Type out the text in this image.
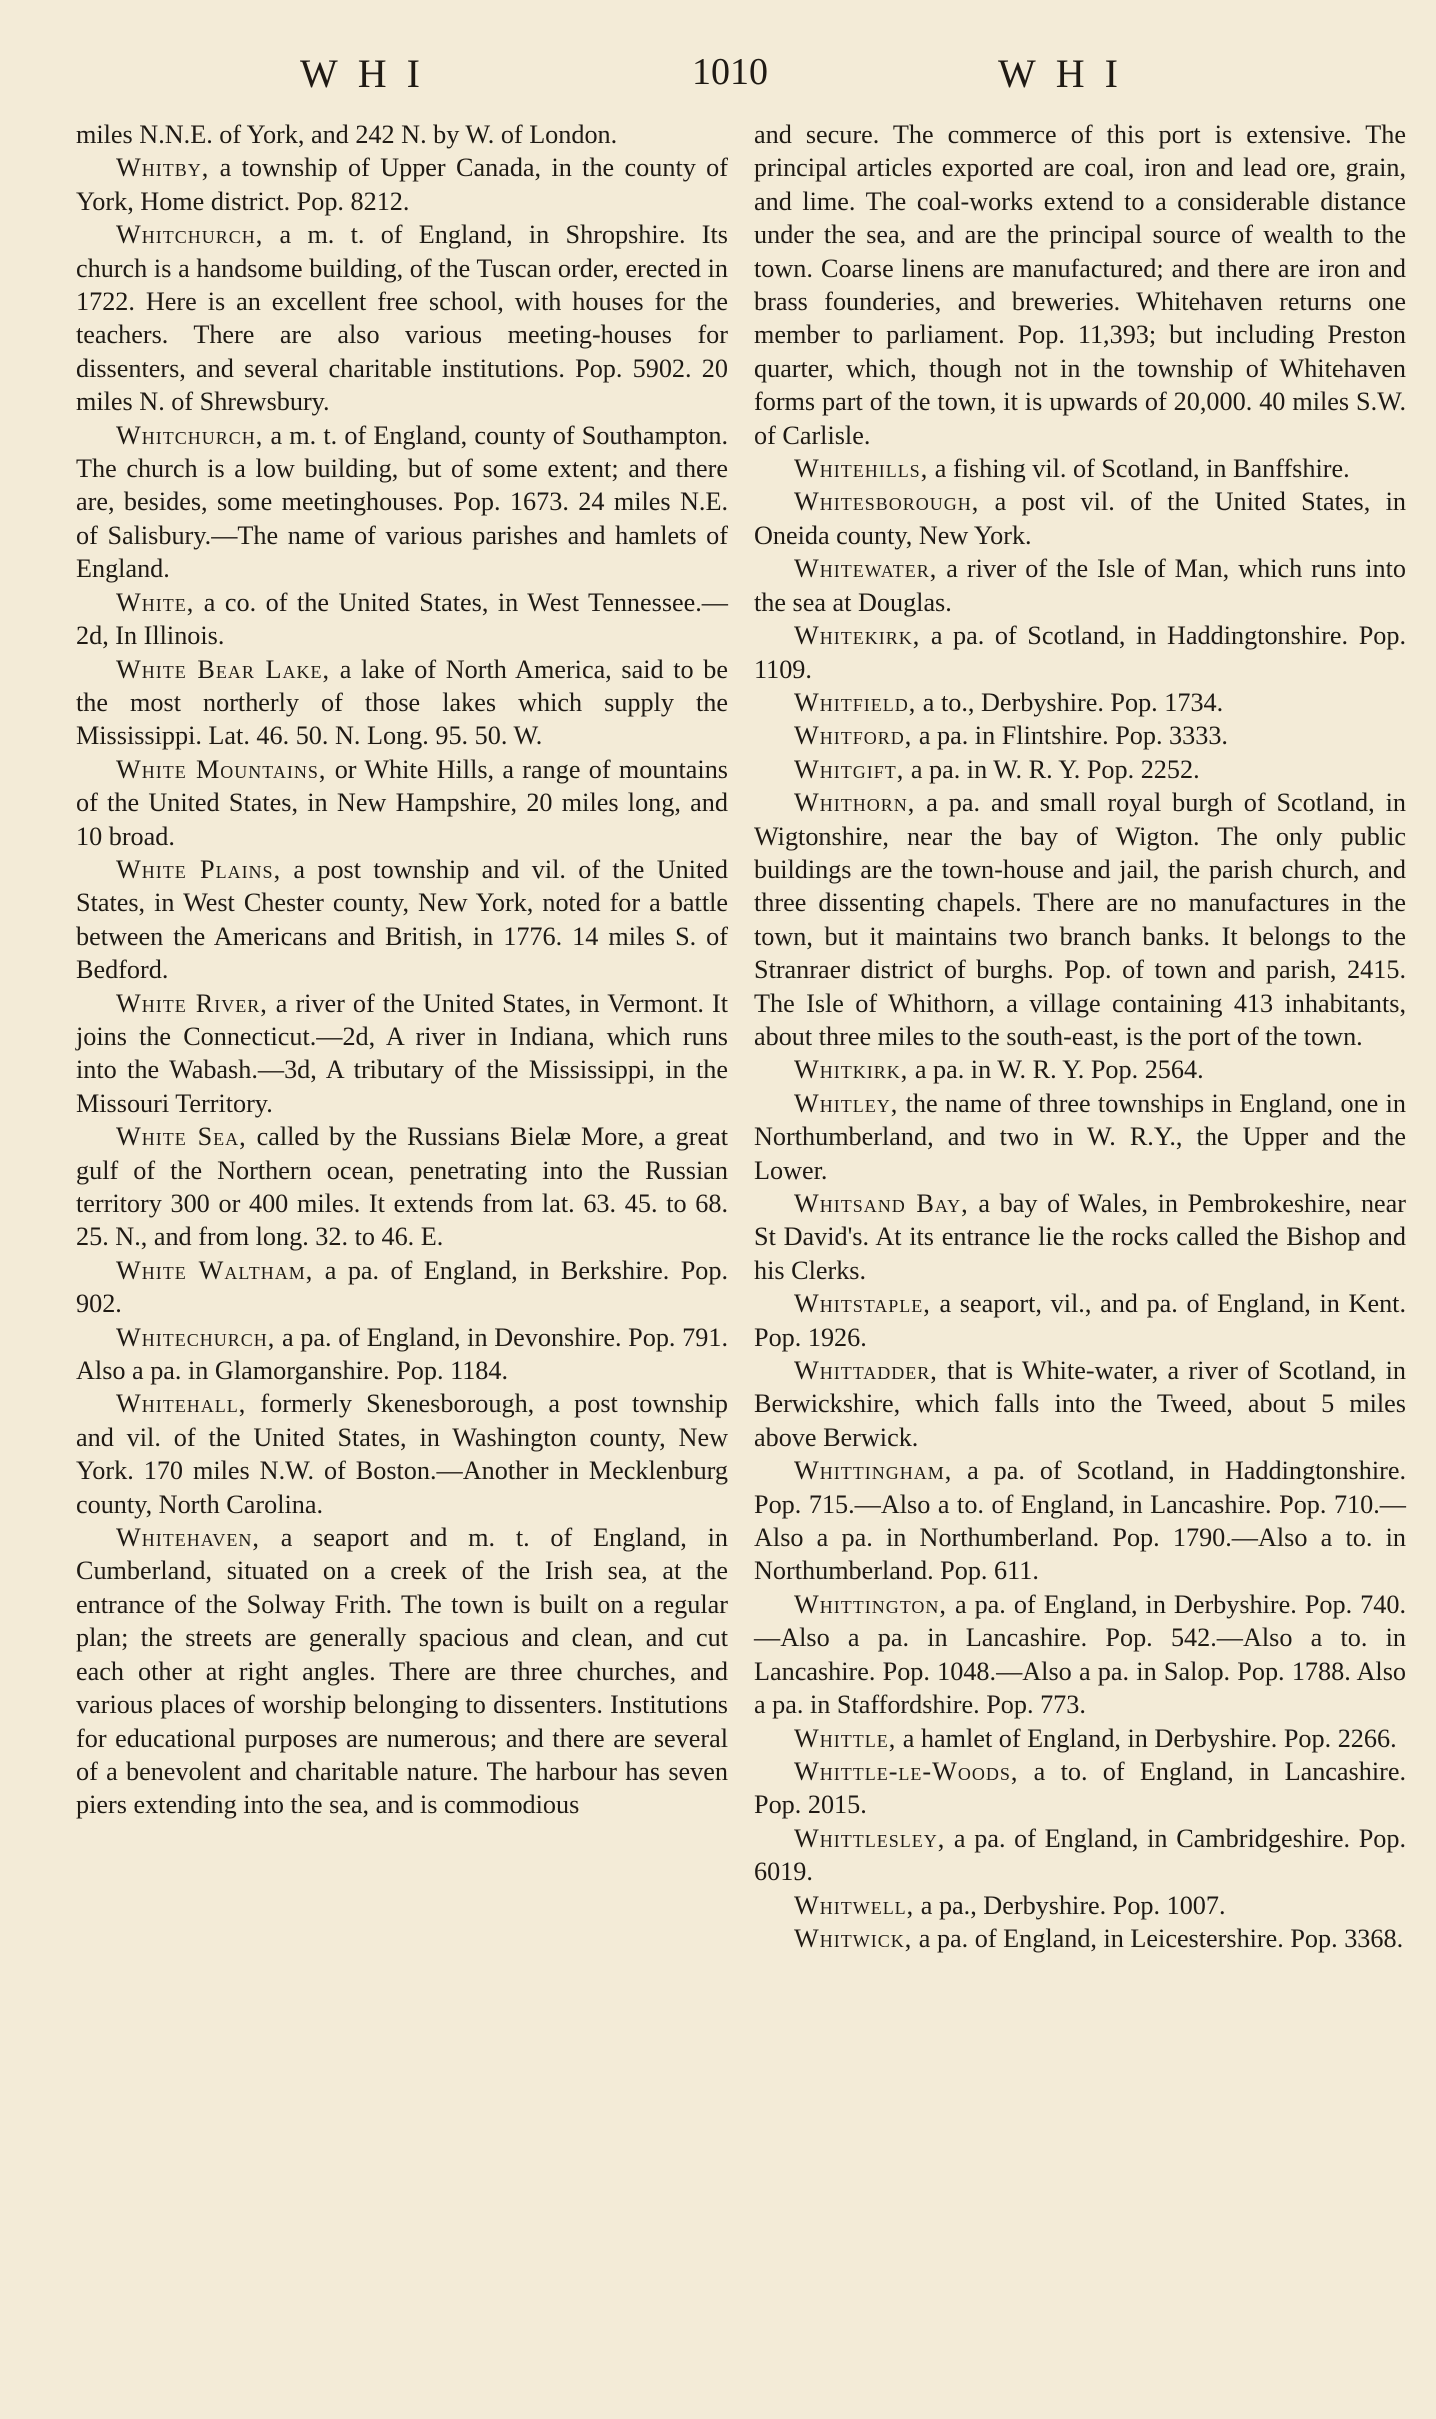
WHI	1010	WHI

miles N.N.E. of York, and 242 N. by W. of London.

Whitby, a township of Upper Canada, in the county of York, Home district. Pop. 8212.

Whitchurch, a m. t. of England, in Shropshire. Its church is a handsome building, of the Tuscan order, erected in 1722. Here is an excellent free school, with houses for the teachers. There are also various meeting-houses for dissenters, and several charitable institutions. Pop. 5902. 20 miles N. of Shrewsbury.

Whitchurch, a m. t. of England, county of Southampton. The church is a low building, but of some extent; and there are, besides, some meetinghouses. Pop. 1673. 24 miles N.E. of Salisbury.—The name of various parishes and hamlets of England.

White, a co. of the United States, in West Tennessee.—2d, In Illinois.

White Bear Lake, a lake of North America, said to be the most northerly of those lakes which supply the Mississippi. Lat. 46. 50. N. Long. 95. 50. W.

White Mountains, or White Hills, a range of mountains of the United States, in New Hampshire, 20 miles long, and 10 broad.

White Plains, a post township and vil. of the United States, in West Chester county, New York, noted for a battle between the Americans and British, in 1776. 14 miles S. of Bedford.

White River, a river of the United States, in Vermont. It joins the Connecticut.—2d, A river in Indiana, which runs into the Wabash.—3d, A tributary of the Mississippi, in the Missouri Territory.

White Sea, called by the Russians Bielæ More, a great gulf of the Northern ocean, penetrating into the Russian territory 300 or 400 miles. It extends from lat. 63. 45. to 68. 25. N., and from long. 32. to 46. E.

White Waltham, a pa. of England, in Berkshire. Pop. 902.

Whitechurch, a pa. of England, in Devonshire. Pop. 791. Also a pa. in Glamorganshire. Pop. 1184.

Whitehall, formerly Skenesborough, a post township and vil. of the United States, in Washington county, New York. 170 miles N.W. of Boston.—Another in Mecklenburg county, North Carolina.

Whitehaven, a seaport and m. t. of England, in Cumberland, situated on a creek of the Irish sea, at the entrance of the Solway Frith. The town is built on a regular plan; the streets are generally spacious and clean, and cut each other at right angles. There are three churches, and various places of worship belonging to dissenters. Institutions for educational purposes are numerous; and there are several of a benevolent and charitable nature. The harbour has seven piers extending into the sea, and is commodious

and secure. The commerce of this port is extensive. The principal articles exported are coal, iron and lead ore, grain, and lime. The coal-works extend to a considerable distance under the sea, and are the principal source of wealth to the town. Coarse linens are manufactured; and there are iron and brass founderies, and breweries. Whitehaven returns one member to parliament. Pop. 11,393; but including Preston quarter, which, though not in the township of Whitehaven forms part of the town, it is upwards of 20,000. 40 miles S.W. of Carlisle.

Whitehills, a fishing vil. of Scotland, in Banffshire.

Whitesborough, a post vil. of the United States, in Oneida county, New York.

Whitewater, a river of the Isle of Man, which runs into the sea at Douglas.

Whitekirk, a pa. of Scotland, in Haddingtonshire. Pop. 1109.

Whitfield, a to., Derbyshire. Pop. 1734.

Whitford, a pa. in Flintshire. Pop. 3333.

Whitgift, a pa. in W. R. Y. Pop. 2252.

Whithorn, a pa. and small royal burgh of Scotland, in Wigtonshire, near the bay of Wigton. The only public buildings are the town-house and jail, the parish church, and three dissenting chapels. There are no manufactures in the town, but it maintains two branch banks. It belongs to the Stranraer district of burghs. Pop. of town and parish, 2415. The Isle of Whithorn, a village containing 413 inhabitants, about three miles to the south-east, is the port of the town.

Whitkirk, a pa. in W. R. Y. Pop. 2564.

Whitley, the name of three townships in England, one in Northumberland, and two in W. R.Y., the Upper and the Lower.

Whitsand Bay, a bay of Wales, in Pembrokeshire, near St David's. At its entrance lie the rocks called the Bishop and his Clerks.

Whitstaple, a seaport, vil., and pa. of England, in Kent. Pop. 1926.

Whittadder, that is White-water, a river of Scotland, in Berwickshire, which falls into the Tweed, about 5 miles above Berwick.

Whittingham, a pa. of Scotland, in Haddingtonshire. Pop. 715.—Also a to. of England, in Lancashire. Pop. 710.—Also a pa. in Northumberland. Pop. 1790.—Also a to. in Northumberland. Pop. 611.

Whittington, a pa. of England, in Derbyshire. Pop. 740.—Also a pa. in Lancashire. Pop. 542.—Also a to. in Lancashire. Pop. 1048.—Also a pa. in Salop. Pop. 1788. Also a pa. in Staffordshire. Pop. 773.

Whittle, a hamlet of England, in Derbyshire. Pop. 2266.

Whittle-le-Woods, a to. of England, in Lancashire. Pop. 2015.

Whittlesley, a pa. of England, in Cambridgeshire. Pop. 6019.

Whitwell, a pa., Derbyshire. Pop. 1007.

Whitwick, a pa. of England, in Leicestershire. Pop. 3368.
